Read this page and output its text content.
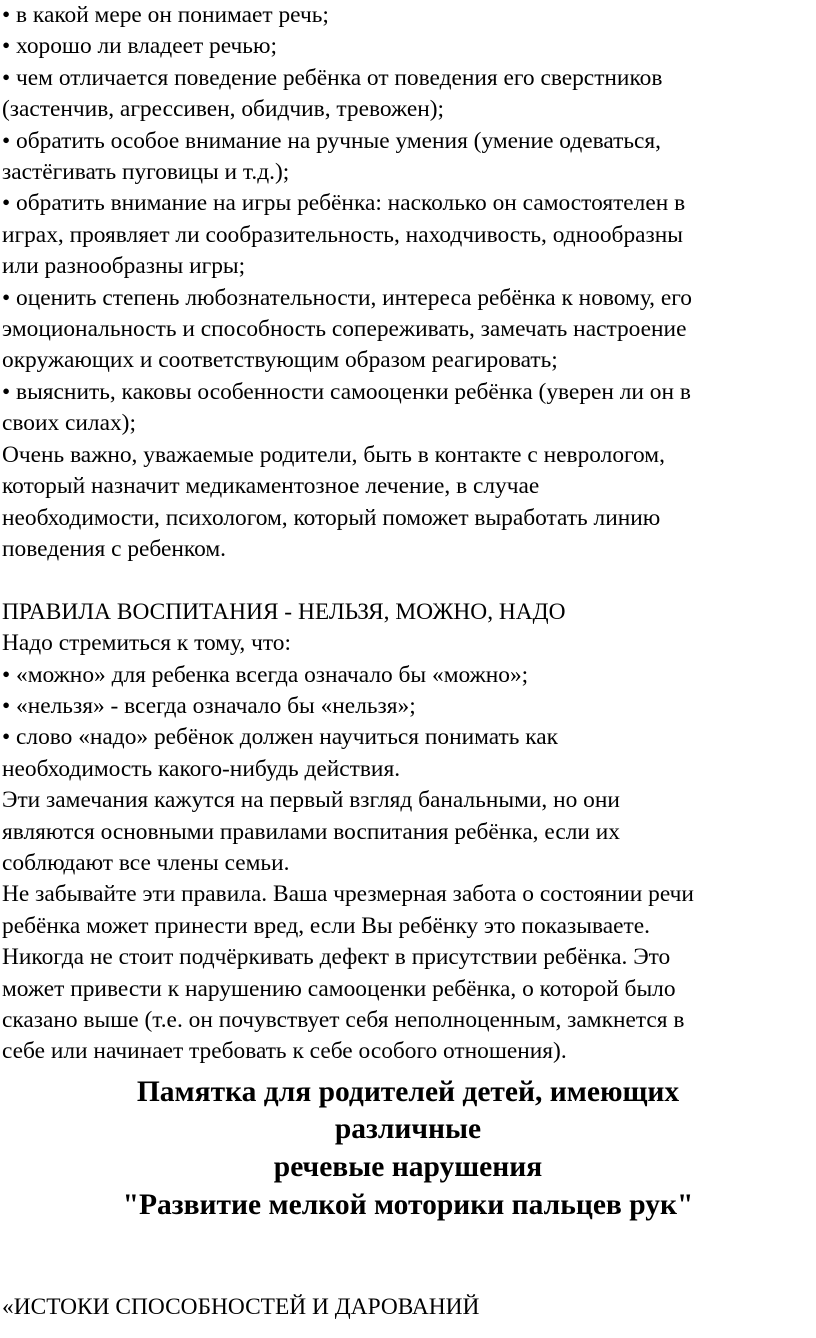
• в какой мере он понимает речь;
• хорошо ли владеет речью;
• чем отличается поведение ребёнка от поведения его сверстников
(застенчив, агрессивен, обидчив, тревожен);
• обратить особое внимание на ручные умения (умение одеваться,
застёгивать пуговицы и т.д.);
• обратить внимание на игры ребёнка: насколько он самостоятелен в
играх, проявляет ли сообразительность, находчивость, однообразны
или разнообразны игры;
• оценить степень любознательности, интереса ребёнка к новому, его
эмоциональность и способность сопереживать, замечать настроение
окружающих и соответствующим образом реагировать;
• выяснить, каковы особенности самооценки ребёнка (уверен ли он в
своих силах);
Очень важно, уважаемые родители, быть в контакте с неврологом,
который назначит медикаментозное лечение, в случае
необходимости, психологом, который поможет выработать линию
поведения с ребенком.
ПРАВИЛА ВОСПИТАНИЯ - НЕЛЬЗЯ, МОЖНО, НАДО
Надо стремиться к тому, что:
• «можно» для ребенка всегда означало бы «можно»;
• «нельзя» - всегда означало бы «нельзя»;
• слово «надо» ребёнок должен научиться понимать как
необходимость какого-нибудь действия.
Эти замечания кажутся на первый взгляд банальными, но они
являются основными правилами воспитания ребёнка, если их
соблюдают все члены семьи.
Не забывайте эти правила. Ваша чрезмерная забота о состоянии речи
ребёнка может принести вред, если Вы ребёнку это показываете.
Никогда не стоит подчёркивать дефект в присутствии ребёнка. Это
может привести к нарушению самооценки ребёнка, о которой было
сказано выше (т.е. он почувствует себя неполноценным, замкнется в
себе или начинает требовать к себе особого отношения).
Памятка для родителей детей, имеющих
различные
речевые нарушения
"Развитие мелкой моторики пальцев рук"
«ИСТОКИ СПОСОБНОСТЕЙ И ДАРОВАНИЙ
